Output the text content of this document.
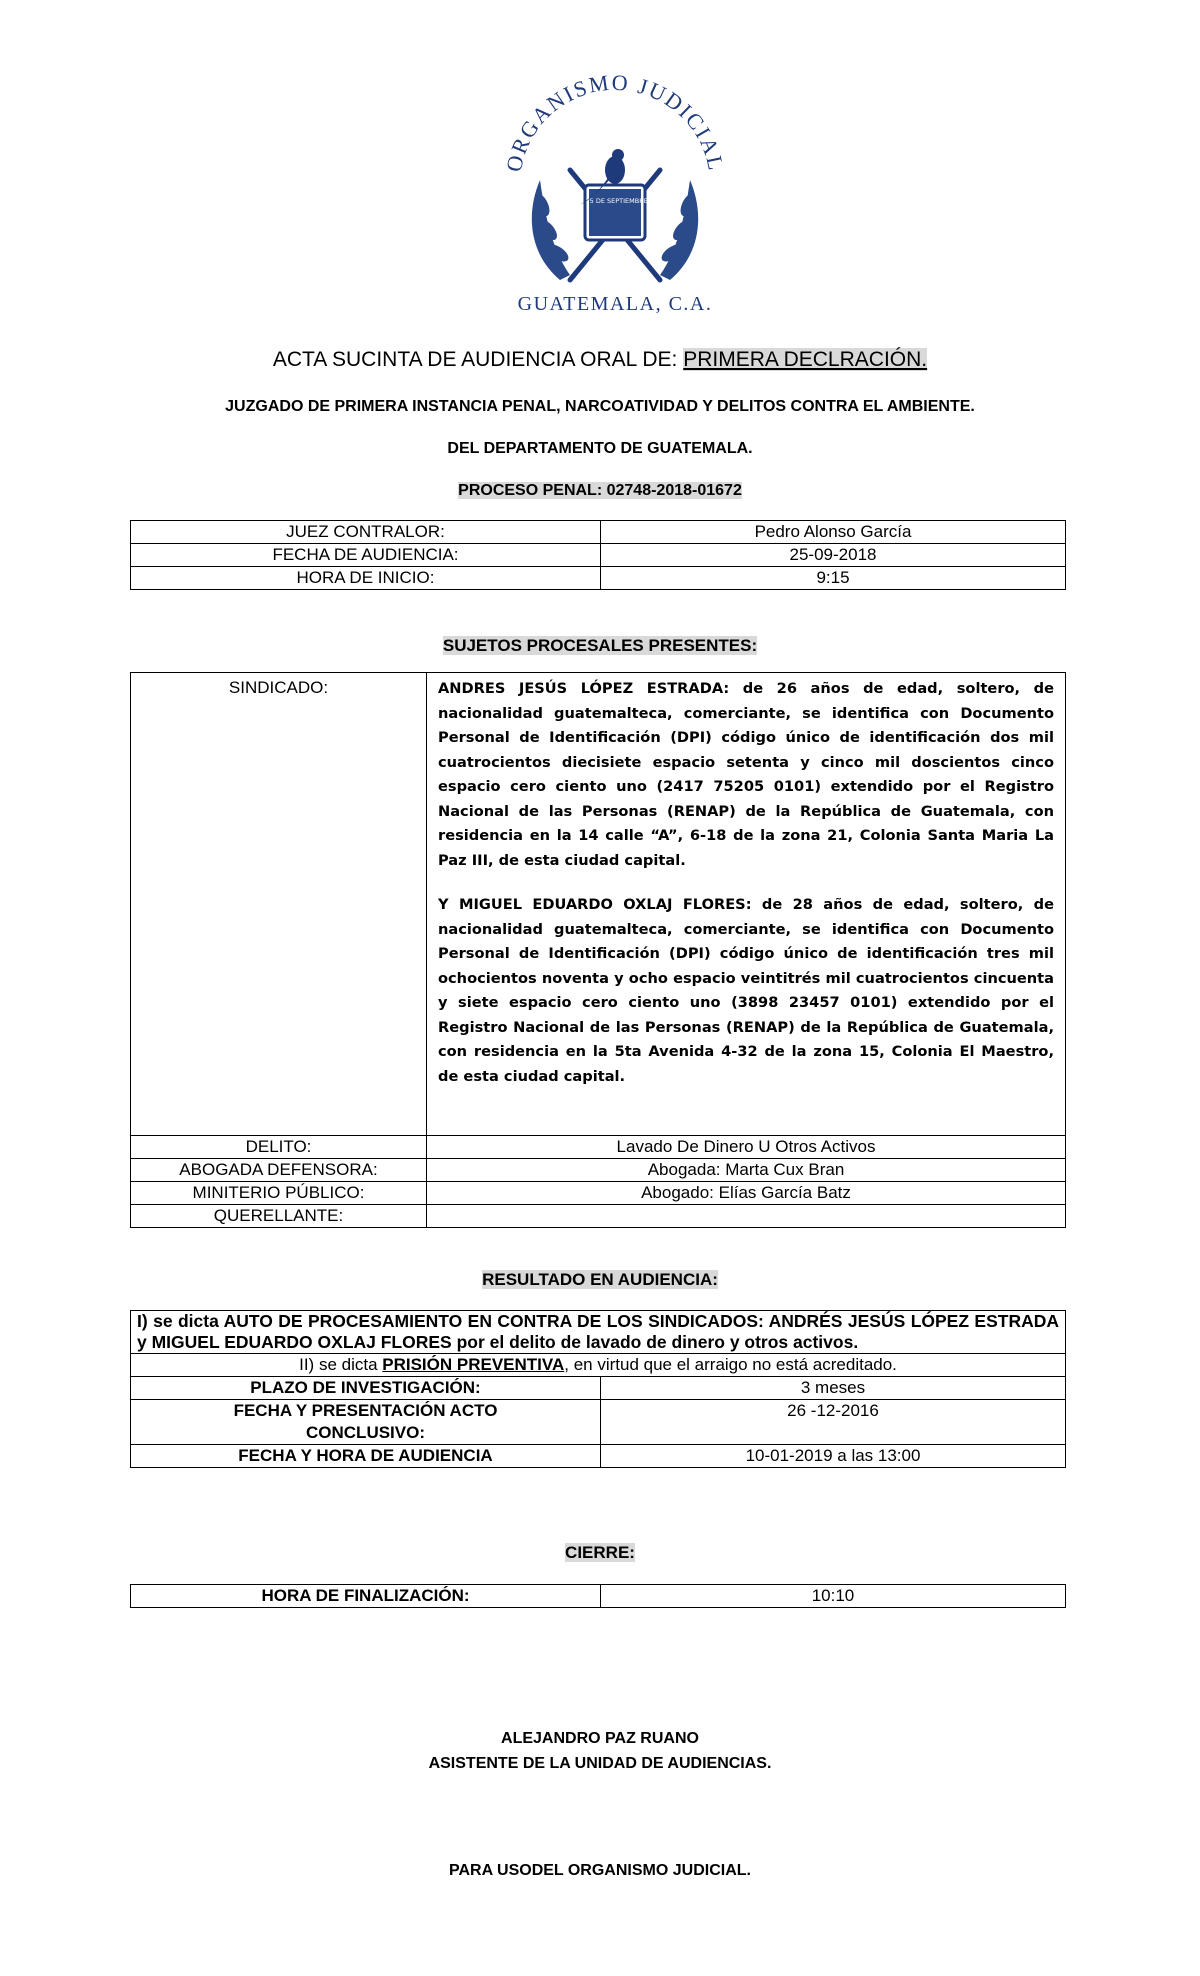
ORGANISMO JUDICIAL
LIBERTAD 15 DE SEPTIEMBRE DE 1821
GUATEMALA, C.A.
ACTA SUCINTA DE AUDIENCIA ORAL DE: PRIMERA DECLRACIÓN.
JUZGADO DE PRIMERA INSTANCIA PENAL, NARCOATIVIDAD Y DELITOS CONTRA EL AMBIENTE.
DEL DEPARTAMENTO DE GUATEMALA.
PROCESO PENAL: 02748-2018-01672
JUEZ CONTRALOR:	Pedro Alonso García
FECHA DE AUDIENCIA:	25-09-2018
HORA DE INICIO:	9:15
SUJETOS PROCESALES PRESENTES:
SINDICADO:	ANDRES JESÚS LÓPEZ ESTRADA: de 26 años de edad, soltero, de nacionalidad guatemalteca, comerciante, se identifica con Documento Personal de Identificación (DPI) código único de identificación dos mil cuatrocientos diecisiete espacio setenta y cinco mil doscientos cinco espacio cero ciento uno (2417 75205 0101) extendido por el Registro Nacional de las Personas (RENAP) de la República de Guatemala, con residencia en la 14 calle “A”, 6-18 de la zona 21, Colonia Santa Maria La Paz III, de esta ciudad capital.

Y MIGUEL EDUARDO OXLAJ FLORES: de 28 años de edad, soltero, de nacionalidad guatemalteca, comerciante, se identifica con Documento Personal de Identificación (DPI) código único de identificación tres mil ochocientos noventa y ocho espacio veintitrés mil cuatrocientos cincuenta y siete espacio cero ciento uno (3898 23457 0101) extendido por el Registro Nacional de las Personas (RENAP) de la República de Guatemala, con residencia en la 5ta Avenida 4-32 de la zona 15, Colonia El Maestro, de esta ciudad capital.

DELITO:	Lavado De Dinero U Otros Activos
ABOGADA DEFENSORA:	Abogada: Marta Cux Bran
MINITERIO PÚBLICO:	Abogado: Elías García Batz
QUERELLANTE:	
RESULTADO EN AUDIENCIA:
I) se dicta AUTO DE PROCESAMIENTO EN CONTRA DE LOS SINDICADOS: ANDRÉS JESÚS LÓPEZ ESTRADA y MIGUEL EDUARDO OXLAJ FLORES por el delito de lavado de dinero y otros activos.	
II) se dicta PRISIÓN PREVENTIVA, en virtud que el arraigo no está acreditado.	
PLAZO DE INVESTIGACIÓN:	3 meses
FECHA Y PRESENTACIÓN ACTO CONCLUSIVO:	26 -12-2016
FECHA Y HORA DE AUDIENCIA	10-01-2019 a las 13:00
CIERRE:
HORA DE FINALIZACIÓN:	10:10
ALEJANDRO PAZ RUANO
ASISTENTE DE LA UNIDAD DE AUDIENCIAS.
PARA USODEL ORGANISMO JUDICIAL.
